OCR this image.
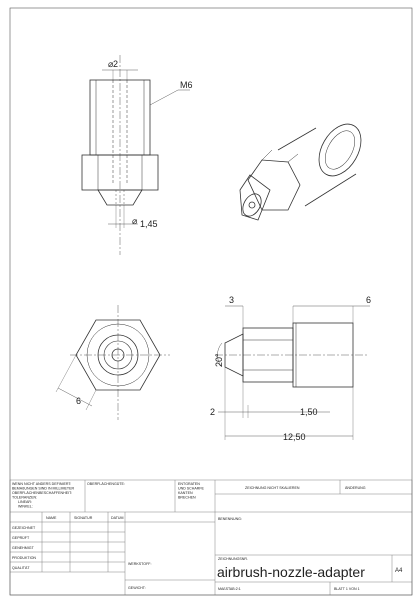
2
⌀
M6
⌀ 1,45
6
3	6
20°
2	1,50
12,50
WENN NICHT ANDERS DEFINIERT:
BEMAßUNGEN SIND IN MILLIMETER
OBERFLÄCHENBESCHAFFENHEIT:
TOLERANZEN:
LINEAR:
WINKEL:
OBERFLÄCHENGÜTE:	ENTGRATEN
UND SCHARFE
KANTEN
BRECHEN
ZEICHNUNG NICHT SKALIEREN	ÄNDERUNG
BENENNUNG:
GEZEICHNET
GEPRÜFT
GENEHMIGT
PRODUKTION
QUALITÄT
NAME	SIGNATUR	DATUM
WERKSTOFF:
GEWICHT:
ZEICHNUNGSNR.
airbrush-nozzle-adapter	A4
MAßSTAB:2:1	BLATT 1 VON 1
